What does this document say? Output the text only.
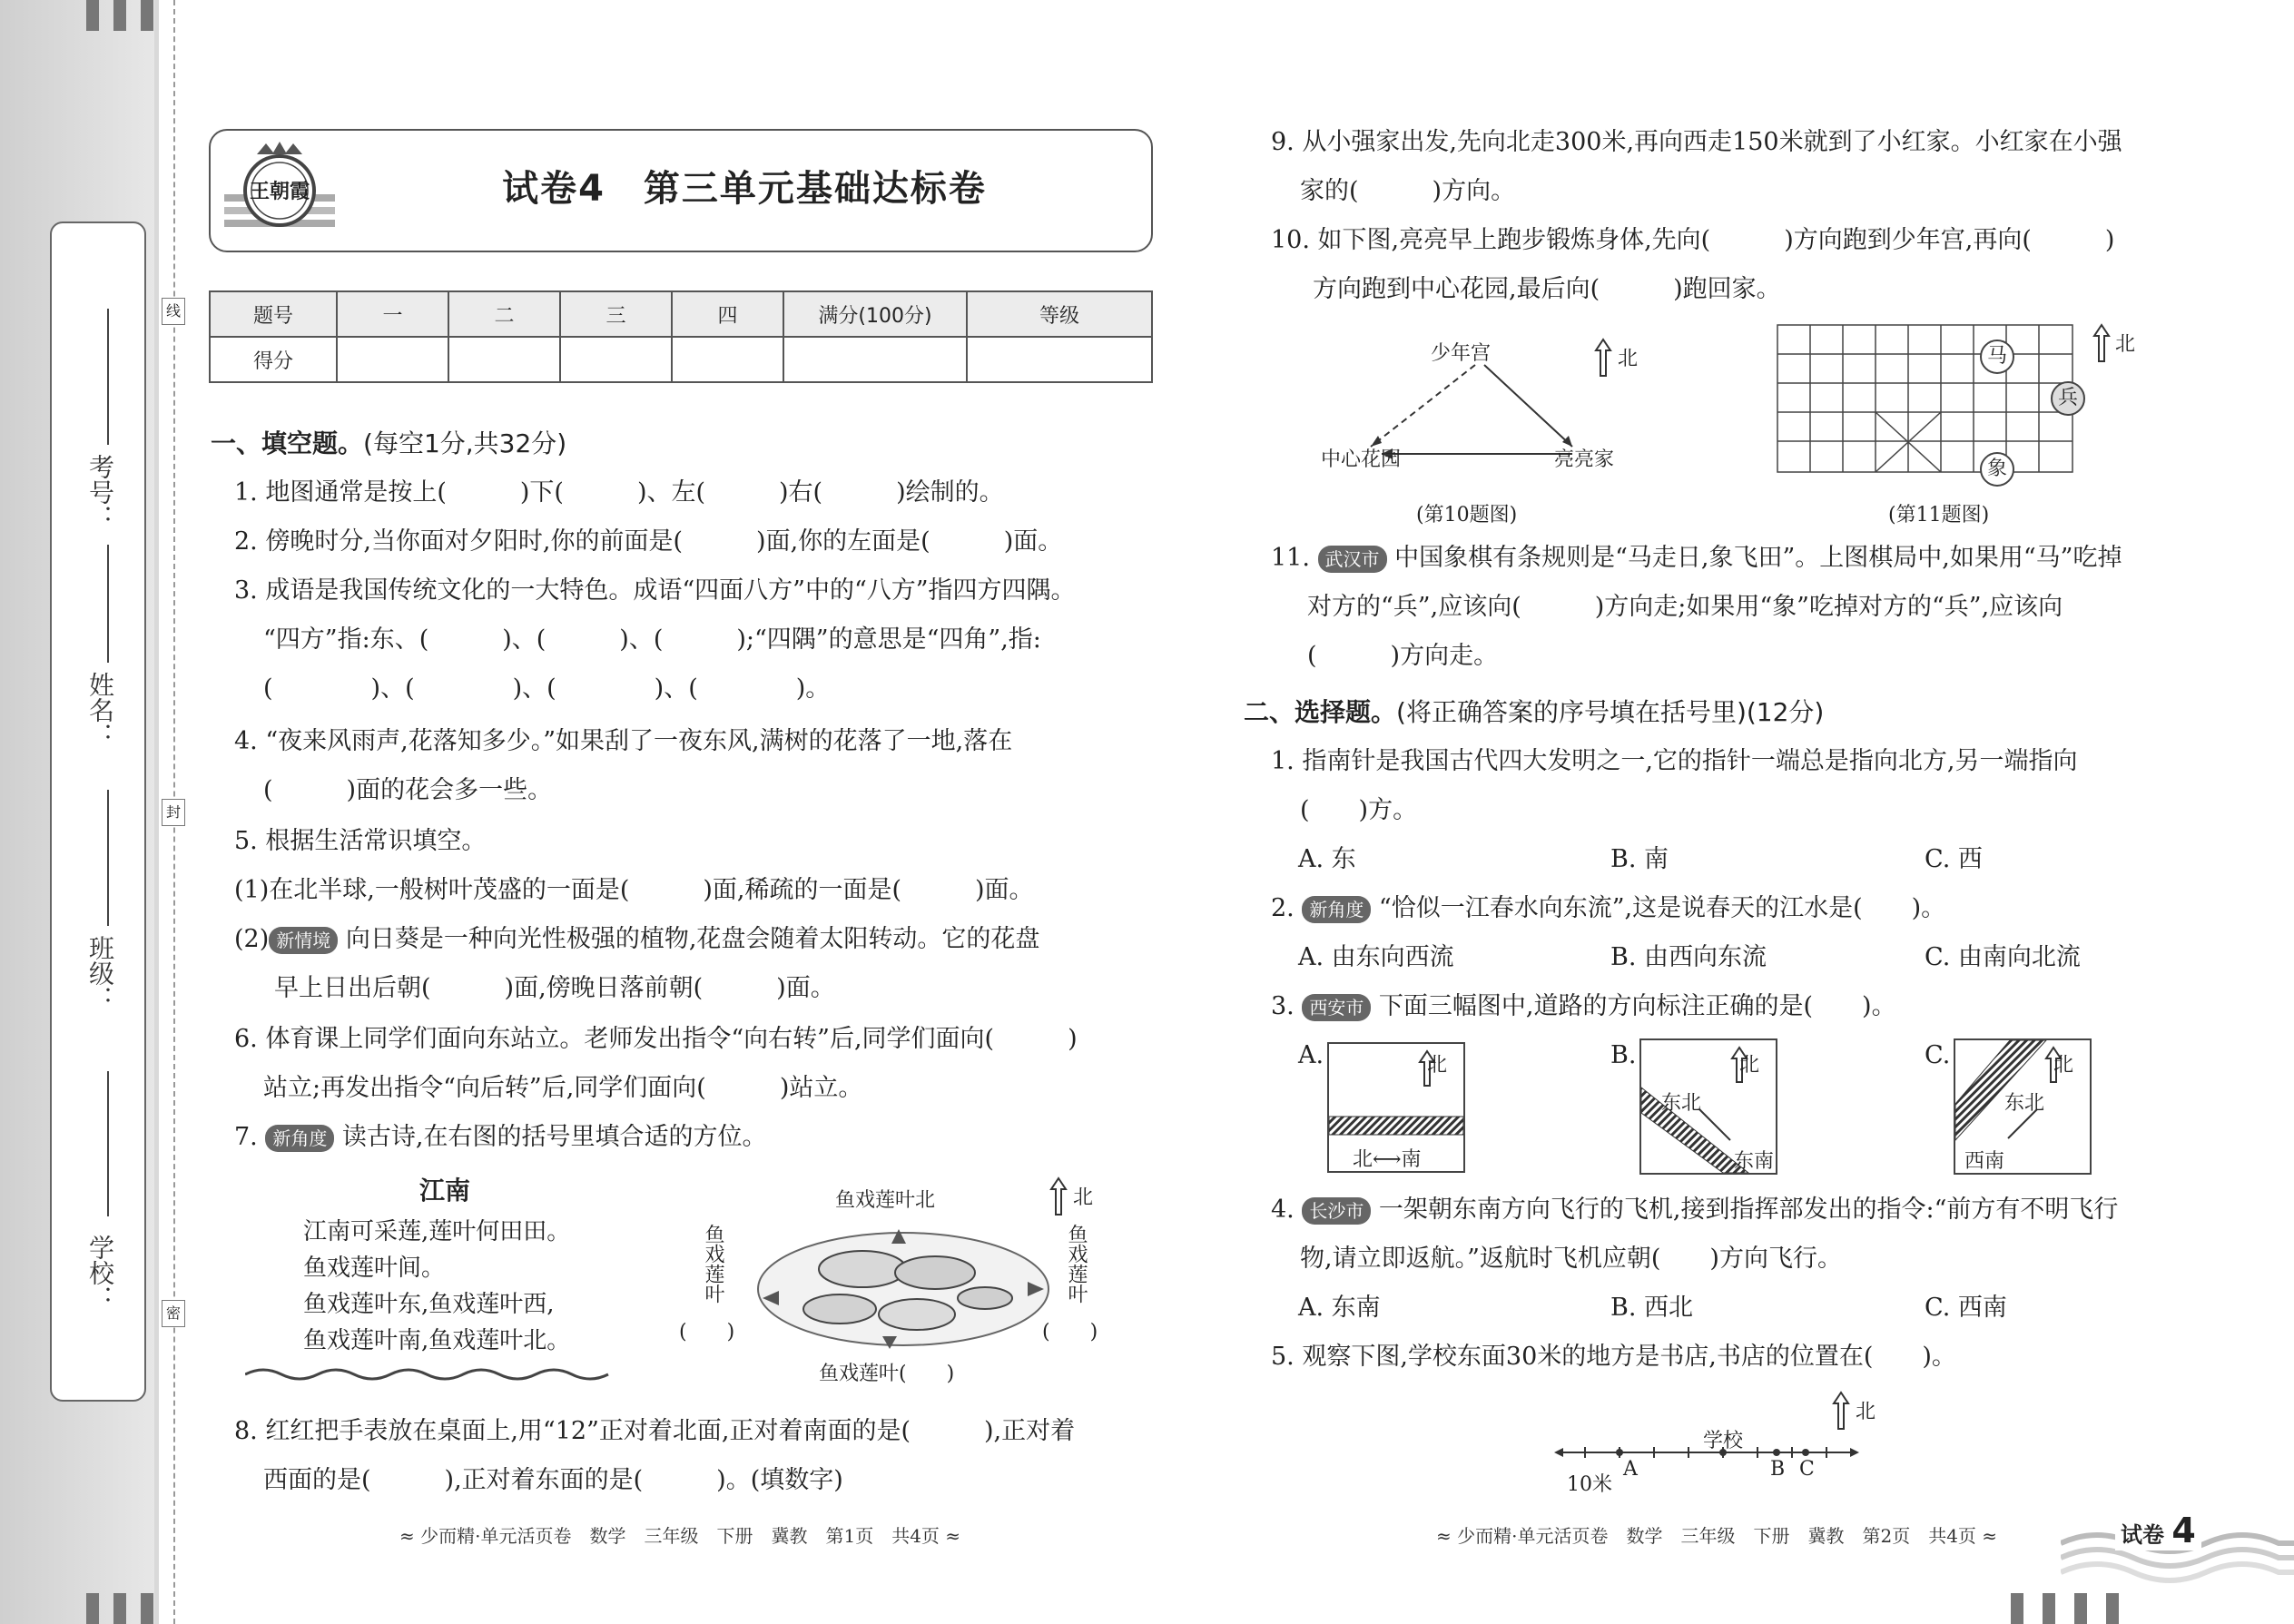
学校：
班级：
姓名：
考号：
线
封
密
王朝霞	试卷4　第三单元基础达标卷
题号	一	二	三	四	满分(100分)	等级
得分						
一、填空题。(每空1分,共32分)
1. 地图通常是按上(　　　)下(　　　)、左(　　　)右(　　　)绘制的。
2. 傍晚时分,当你面对夕阳时,你的前面是(　　　)面,你的左面是(　　　)面。
3. 成语是我国传统文化的一大特色。成语“四面八方”中的“八方”指四方四隅。
“四方”指:东、(　　　)、(　　　)、(　　　);“四隅”的意思是“四角”,指:
(　　　　)、(　　　　)、(　　　　)、(　　　　)。
4. “夜来风雨声,花落知多少。”如果刮了一夜东风,满树的花落了一地,落在
(　　　)面的花会多一些。
5. 根据生活常识填空。
(1)在北半球,一般树叶茂盛的一面是(　　　)面,稀疏的一面是(　　　)面。
(2) 新情境 向日葵是一种向光性极强的植物,花盘会随着太阳转动。它的花盘
早上日出后朝(　　　)面,傍晚日落前朝(　　　)面。
6. 体育课上同学们面向东站立。老师发出指令“向右转”后,同学们面向(　　　)
站立;再发出指令“向后转”后,同学们面向(　　　)站立。
7. 新角度 读古诗,在右图的括号里填合适的方位。
江南
江南可采莲,莲叶何田田。
鱼戏莲叶间。
鱼戏莲叶东,鱼戏莲叶西,
鱼戏莲叶南,鱼戏莲叶北。
鱼戏莲叶北
鱼戏莲叶(　　)
鱼戏莲叶
(　　)
鱼戏莲叶
(　　)
北
8. 红红把手表放在桌面上,用“12”正对着北面,正对着南面的是(　　　),正对着
西面的是(　　　),正对着东面的是(　　　)。(填数字)
≈ 少而精·单元活页卷　数学　三年级　下册　冀教　第1页　共4页 ≈
9. 从小强家出发,先向北走300米,再向西走150米就到了小红家。小红家在小强
家的(　　　)方向。
10. 如下图,亮亮早上跑步锻炼身体,先向(　　　)方向跑到少年宫,再向(　　　)
方向跑到中心花园,最后向(　　　)跑回家。
少年宫
中心花园	亮亮家
北
(第10题图)
马
兵
象
北
(第11题图)
11. 武汉市 中国象棋有条规则是“马走日,象飞田”。上图棋局中,如果用“马”吃掉
对方的“兵”,应该向(　　　)方向走;如果用“象”吃掉对方的“兵”,应该向
(　　　)方向走。
二、选择题。(将正确答案的序号填在括号里)(12分)
1. 指南针是我国古代四大发明之一,它的指针一端总是指向北方,另一端指向
(　　)方。
A. 东	B. 南	C. 西
2. 新角度 “恰似一江春水向东流”,这是说春天的江水是(　　)。
A. 由东向西流	B. 由西向东流	C. 由南向北流
3. 西安市 下面三幅图中,道路的方向标注正确的是(　　)。
A.	北
北⟷南
B.	北
东北
东南
C.	北
东北
西南
4. 长沙市 一架朝东南方向飞行的飞机,接到指挥部发出的指令:“前方有不明飞行
物,请立即返航。”返航时飞机应朝(　　)方向飞行。
A. 东南	B. 西北	C. 西南
5. 观察下图,学校东面30米的地方是书店,书店的位置在(　　)。
学校
A	B C
10米
北
≈ 少而精·单元活页卷　数学　三年级　下册　冀教　第2页　共4页 ≈	试卷 4
